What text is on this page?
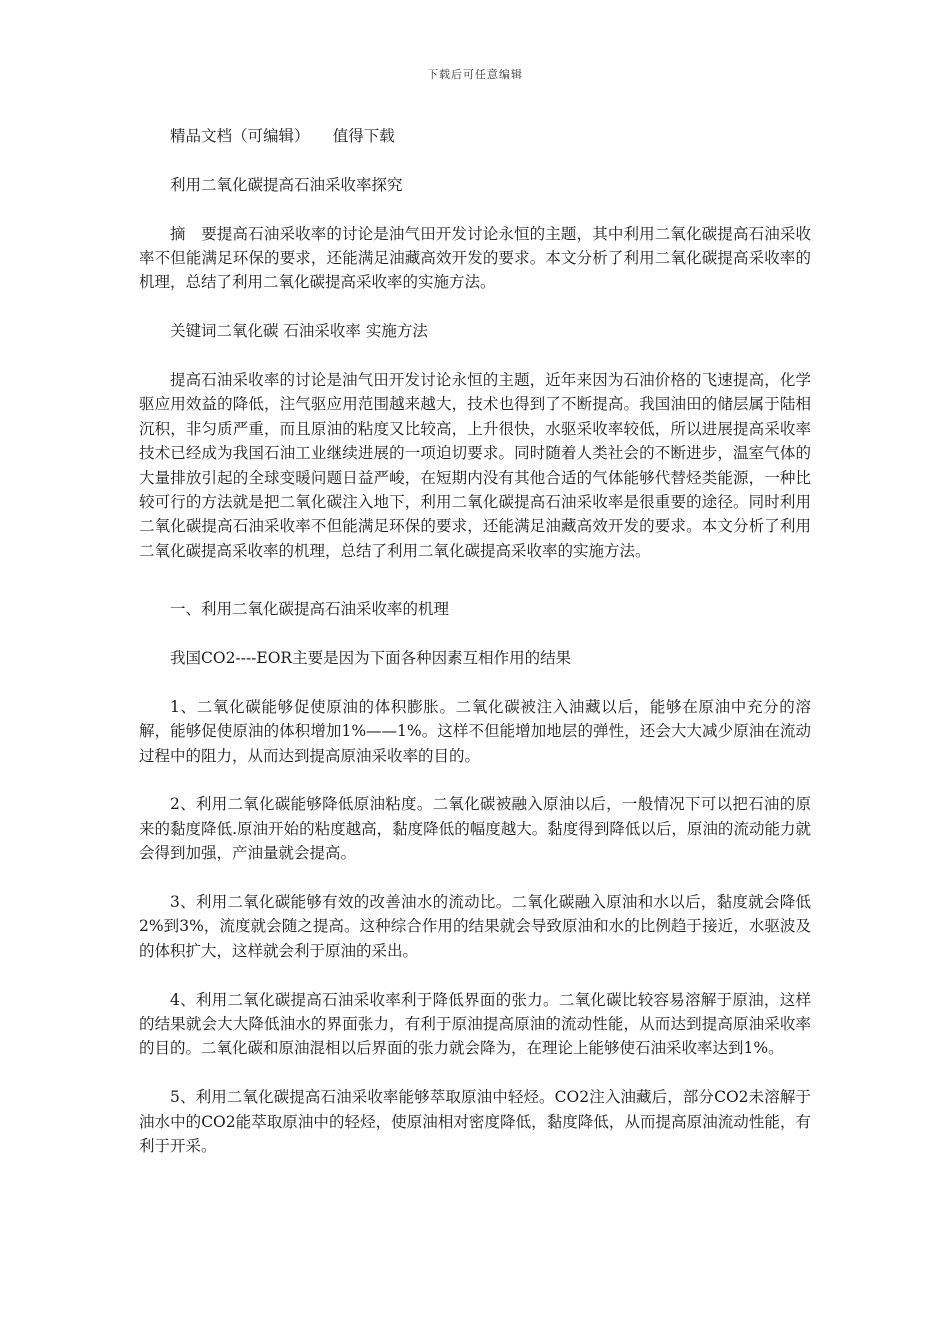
下载后可任意编辑

精品文档（可编辑）　　值得下载

利用二氧化碳提高石油采收率探究

摘　要提高石油采收率的讨论是油气田开发讨论永恒的主题，其中利用二氧化碳提高石油采收率不但能满足环保的要求，还能满足油藏高效开发的要求。本文分析了利用二氧化碳提高采收率的机理，总结了利用二氧化碳提高采收率的实施方法。

关键词二氧化碳 石油采收率 实施方法

提高石油采收率的讨论是油气田开发讨论永恒的主题，近年来因为石油价格的飞速提高，化学驱应用效益的降低，注气驱应用范围越来越大，技术也得到了不断提高。我国油田的储层属于陆相沉积，非匀质严重，而且原油的粘度又比较高，上升很快，水驱采收率较低，所以进展提高采收率技术已经成为我国石油工业继续进展的一项迫切要求。同时随着人类社会的不断进步，温室气体的大量排放引起的全球变暖问题日益严峻，在短期内没有其他合适的气体能够代替烃类能源，一种比较可行的方法就是把二氧化碳注入地下，利用二氧化碳提高石油采收率是很重要的途径。同时利用二氧化碳提高石油采收率不但能满足环保的要求，还能满足油藏高效开发的要求。本文分析了利用二氧化碳提高采收率的机理，总结了利用二氧化碳提高采收率的实施方法。

一、利用二氧化碳提高石油采收率的机理

我国CO2----EOR主要是因为下面各种因素互相作用的结果

1、二氧化碳能够促使原油的体积膨胀。二氧化碳被注入油藏以后，能够在原油中充分的溶解，能够促使原油的体积增加1%——1%。这样不但能增加地层的弹性，还会大大减少原油在流动过程中的阻力，从而达到提高原油采收率的目的。

2、利用二氧化碳能够降低原油粘度。二氧化碳被融入原油以后，一般情况下可以把石油的原来的黏度降低.原油开始的粘度越高，黏度降低的幅度越大。黏度得到降低以后，原油的流动能力就会得到加强，产油量就会提高。

3、利用二氧化碳能够有效的改善油水的流动比。二氧化碳融入原油和水以后，黏度就会降低2%到3%，流度就会随之提高。这种综合作用的结果就会导致原油和水的比例趋于接近，水驱波及的体积扩大，这样就会利于原油的采出。

4、利用二氧化碳提高石油采收率利于降低界面的张力。二氧化碳比较容易溶解于原油，这样的结果就会大大降低油水的界面张力，有利于原油提高原油的流动性能，从而达到提高原油采收率的目的。二氧化碳和原油混相以后界面的张力就会降为，在理论上能够使石油采收率达到1%。

5、利用二氧化碳提高石油采收率能够萃取原油中轻烃。CO2注入油藏后，部分CO2未溶解于油水中的CO2能萃取原油中的轻烃，使原油相对密度降低，黏度降低，从而提高原油流动性能，有利于开采。
